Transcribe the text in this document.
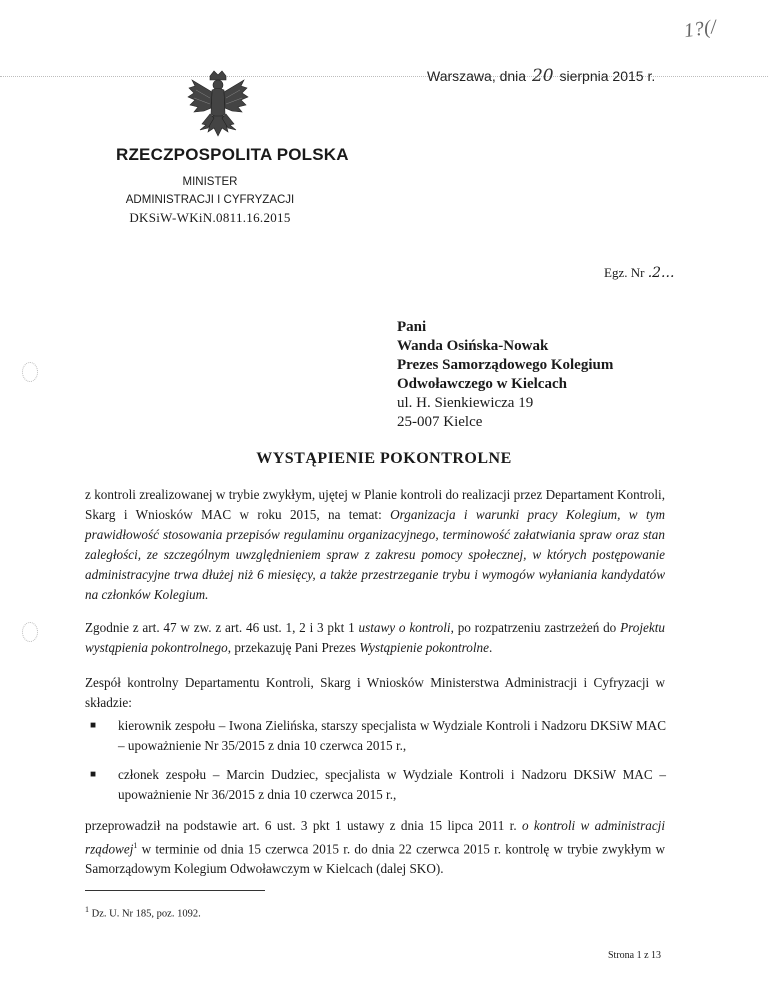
1?(/
Warszawa, dnia 20 sierpnia 2015 r.
RZECZPOSPOLITA POLSKA
MINISTER
ADMINISTRACJI I CYFRYZACJI
DKSiW-WKiN.0811.16.2015
Egz. Nr .2...
Pani
Wanda Osińska-Nowak
Prezes Samorządowego Kolegium
Odwoławczego w Kielcach
ul. H. Sienkiewicza 19
25-007 Kielce
WYSTĄPIENIE POKONTROLNE
z kontroli zrealizowanej w trybie zwykłym, ujętej w Planie kontroli do realizacji przez Departament Kontroli, Skarg i Wniosków MAC w roku 2015, na temat: Organizacja i warunki pracy Kolegium, w tym prawidłowość stosowania przepisów regulaminu organizacyjnego, terminowość załatwiania spraw oraz stan zaległości, ze szczególnym uwzględnieniem spraw z zakresu pomocy społecznej, w których postępowanie administracyjne trwa dłużej niż 6 miesięcy, a także przestrzeganie trybu i wymogów wyłaniania kandydatów na członków Kolegium.
Zgodnie z art. 47 w zw. z art. 46 ust. 1, 2 i 3 pkt 1 ustawy o kontroli, po rozpatrzeniu zastrzeżeń do Projektu wystąpienia pokontrolnego, przekazuję Pani Prezes Wystąpienie pokontrolne.
Zespół kontrolny Departamentu Kontroli, Skarg i Wniosków Ministerstwa Administracji i Cyfryzacji w składzie:
■ kierownik zespołu – Iwona Zielińska, starszy specjalista w Wydziale Kontroli i Nadzoru DKSiW MAC – upoważnienie Nr 35/2015 z dnia 10 czerwca 2015 r.,
■ członek zespołu – Marcin Dudziec, specjalista w Wydziale Kontroli i Nadzoru DKSiW MAC – upoważnienie Nr 36/2015 z dnia 10 czerwca 2015 r.,
przeprowadził na podstawie art. 6 ust. 3 pkt 1 ustawy z dnia 15 lipca 2011 r. o kontroli w administracji rządowej$^1$ w terminie od dnia 15 czerwca 2015 r. do dnia 22 czerwca 2015 r. kontrolę w trybie zwykłym w Samorządowym Kolegium Odwoławczym w Kielcach (dalej SKO).
$^1$ Dz. U. Nr 185, poz. 1092.
Strona 1 z 13
